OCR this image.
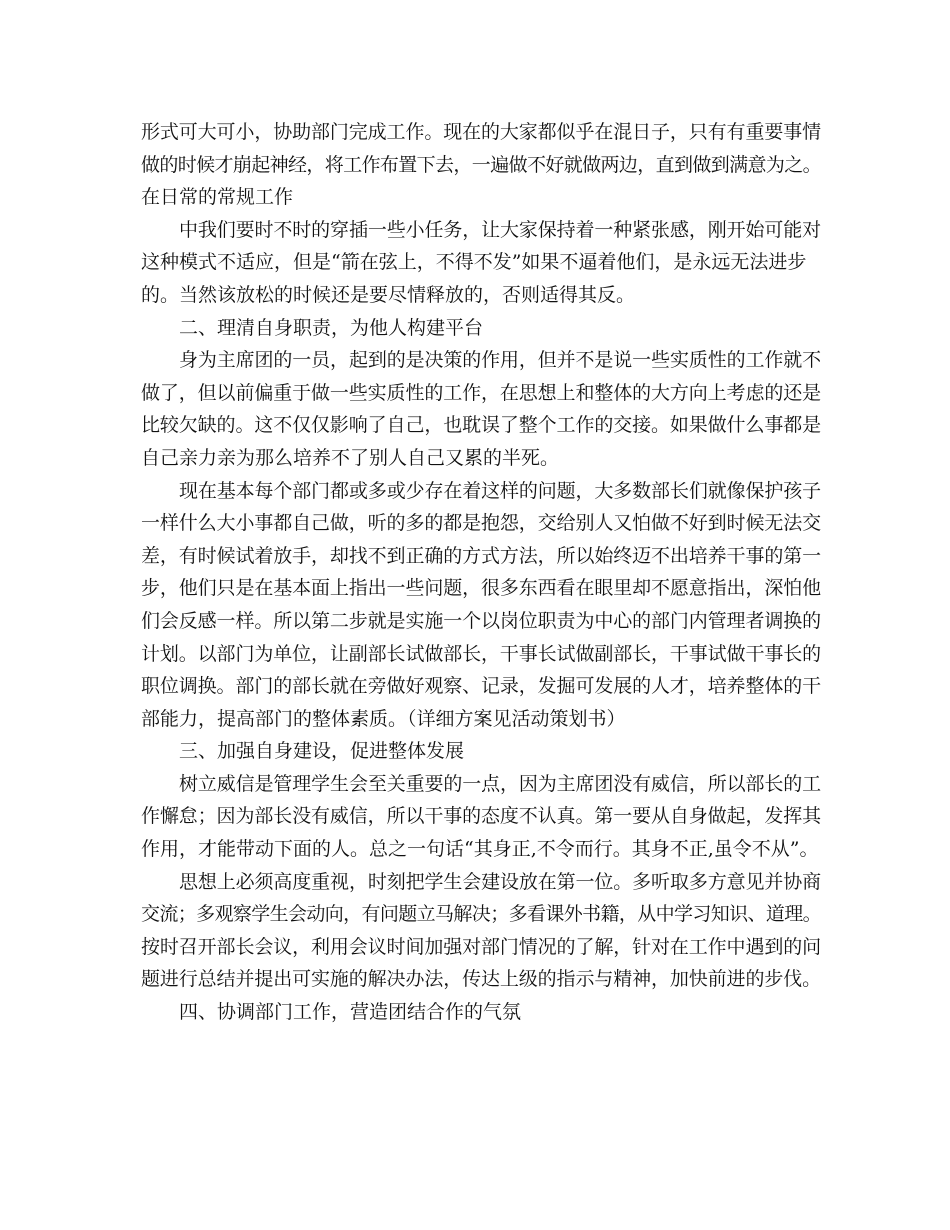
形式可大可小，协助部门完成工作。现在的大家都似乎在混日子，只有有重要事情
做的时候才崩起神经，将工作布置下去，一遍做不好就做两边，直到做到满意为之。
在日常的常规工作

中我们要时不时的穿插一些小任务，让大家保持着一种紧张感，刚开始可能对
这种模式不适应，但是“箭在弦上，不得不发”如果不逼着他们，是永远无法进步
的。当然该放松的时候还是要尽情释放的，否则适得其反。

二、理清自身职责，为他人构建平台

身为主席团的一员，起到的是决策的作用，但并不是说一些实质性的工作就不
做了，但以前偏重于做一些实质性的工作，在思想上和整体的大方向上考虑的还是
比较欠缺的。这不仅仅影响了自己，也耽误了整个工作的交接。如果做什么事都是
自己亲力亲为那么培养不了别人自己又累的半死。

现在基本每个部门都或多或少存在着这样的问题，大多数部长们就像保护孩子
一样什么大小事都自己做，听的多的都是抱怨，交给别人又怕做不好到时候无法交
差，有时候试着放手，却找不到正确的方式方法，所以始终迈不出培养干事的第一
步，他们只是在基本面上指出一些问题，很多东西看在眼里却不愿意指出，深怕他
们会反感一样。所以第二步就是实施一个以岗位职责为中心的部门内管理者调换的
计划。以部门为单位，让副部长试做部长，干事长试做副部长，干事试做干事长的
职位调换。部门的部长就在旁做好观察、记录，发掘可发展的人才，培养整体的干
部能力，提高部门的整体素质。（详细方案见活动策划书）

三、加强自身建设，促进整体发展

树立威信是管理学生会至关重要的一点，因为主席团没有威信，所以部长的工
作懈怠；因为部长没有威信，所以干事的态度不认真。第一要从自身做起，发挥其
作用，才能带动下面的人。总之一句话“其身正,不令而行。其身不正,虽令不从”。

思想上必须高度重视，时刻把学生会建设放在第一位。多听取多方意见并协商
交流；多观察学生会动向，有问题立马解决；多看课外书籍，从中学习知识、道理。
按时召开部长会议，利用会议时间加强对部门情况的了解，针对在工作中遇到的问
题进行总结并提出可实施的解决办法，传达上级的指示与精神，加快前进的步伐。

四、协调部门工作，营造团结合作的气氛
